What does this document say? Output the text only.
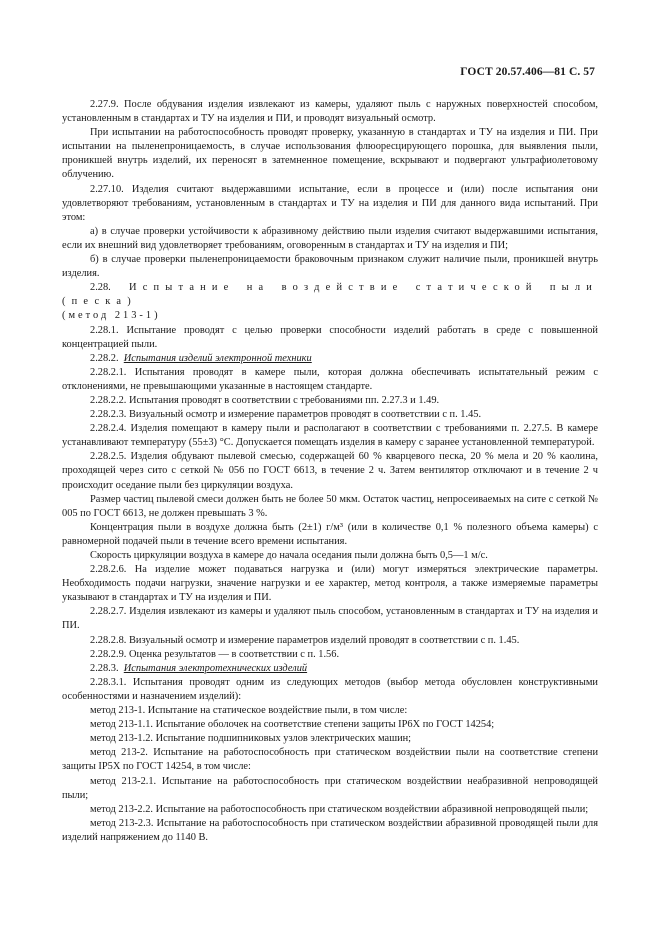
ГОСТ 20.57.406—81 С. 57

2.27.9. После обдувания изделия извлекают из камеры, удаляют пыль с наружных поверхностей способом, установленным в стандартах и ТУ на изделия и ПИ, и проводят визуальный осмотр.

При испытании на работоспособность проводят проверку, указанную в стандартах и ТУ на изделия и ПИ. При испытании на пыленепроницаемость, в случае использования флюоресцирующего порошка, для выявления пыли, проникшей внутрь изделий, их переносят в затемненное помещение, вскрывают и подвергают ультрафиолетовому облучению.

2.27.10. Изделия считают выдержавшими испытание, если в процессе и (или) после испытания они удовлетворяют требованиям, установленным в стандартах и ТУ на изделия и ПИ для данного вида испытаний. При этом:

а) в случае проверки устойчивости к абразивному действию пыли изделия считают выдержавшими испытания, если их внешний вид удовлетворяет требованиям, оговоренным в стандартах и ТУ на изделия и ПИ;

б) в случае проверки пыленепроницаемости браковочным признаком служит наличие пыли, проникшей внутрь изделия.

2.28. Испытание на воздействие статической пыли (песка)

(метод 213-1)

2.28.1. Испытание проводят с целью проверки способности изделий работать в среде с повышенной концентрацией пыли.

2.28.2. Испытания изделий электронной техники

2.28.2.1. Испытания проводят в камере пыли, которая должна обеспечивать испытательный режим с отклонениями, не превышающими указанные в настоящем стандарте.

2.28.2.2. Испытания проводят в соответствии с требованиями пп. 2.27.3 и 1.49.

2.28.2.3. Визуальный осмотр и измерение параметров проводят в соответствии с п. 1.45.

2.28.2.4. Изделия помещают в камеру пыли и располагают в соответствии с требованиями п. 2.27.5. В камере устанавливают температуру (55±3) °С. Допускается помещать изделия в камеру с заранее установленной температурой.

2.28.2.5. Изделия обдувают пылевой смесью, содержащей 60 % кварцевого песка, 20 % мела и 20 % каолина, проходящей через сито с сеткой № 056 по ГОСТ 6613, в течение 2 ч. Затем вентилятор отключают и в течение 2 ч происходит оседание пыли без циркуляции воздуха.

Размер частиц пылевой смеси должен быть не более 50 мкм. Остаток частиц, непросеиваемых на сите с сеткой № 005 по ГОСТ 6613, не должен превышать 3 %.

Концентрация пыли в воздухе должна быть (2±1) г/м³ (или в количестве 0,1 % полезного объема камеры) с равномерной подачей пыли в течение всего времени испытания.

Скорость циркуляции воздуха в камере до начала оседания пыли должна быть 0,5—1 м/с.

2.28.2.6. На изделие может подаваться нагрузка и (или) могут измеряться электрические параметры. Необходимость подачи нагрузки, значение нагрузки и ее характер, метод контроля, а также измеряемые параметры указывают в стандартах и ТУ на изделия и ПИ.

2.28.2.7. Изделия извлекают из камеры и удаляют пыль способом, установленным в стандартах и ТУ на изделия и ПИ.

2.28.2.8. Визуальный осмотр и измерение параметров изделий проводят в соответствии с п. 1.45.

2.28.2.9. Оценка результатов — в соответствии с п. 1.56.

2.28.3. Испытания электротехнических изделий

2.28.3.1. Испытания проводят одним из следующих методов (выбор метода обусловлен конструктивными особенностями и назначением изделий):

метод 213-1. Испытание на статическое воздействие пыли, в том числе:

метод 213-1.1. Испытание оболочек на соответствие степени защиты IP6X по ГОСТ 14254;

метод 213-1.2. Испытание подшипниковых узлов электрических машин;

метод 213-2. Испытание на работоспособность при статическом воздействии пыли на соответствие степени защиты IP5X по ГОСТ 14254, в том числе:

метод 213-2.1. Испытание на работоспособность при статическом воздействии неабразивной непроводящей пыли;

метод 213-2.2. Испытание на работоспособность при статическом воздействии абразивной непроводящей пыли;

метод 213-2.3. Испытание на работоспособность при статическом воздействии абразивной проводящей пыли для изделий напряжением до 1140 В.
